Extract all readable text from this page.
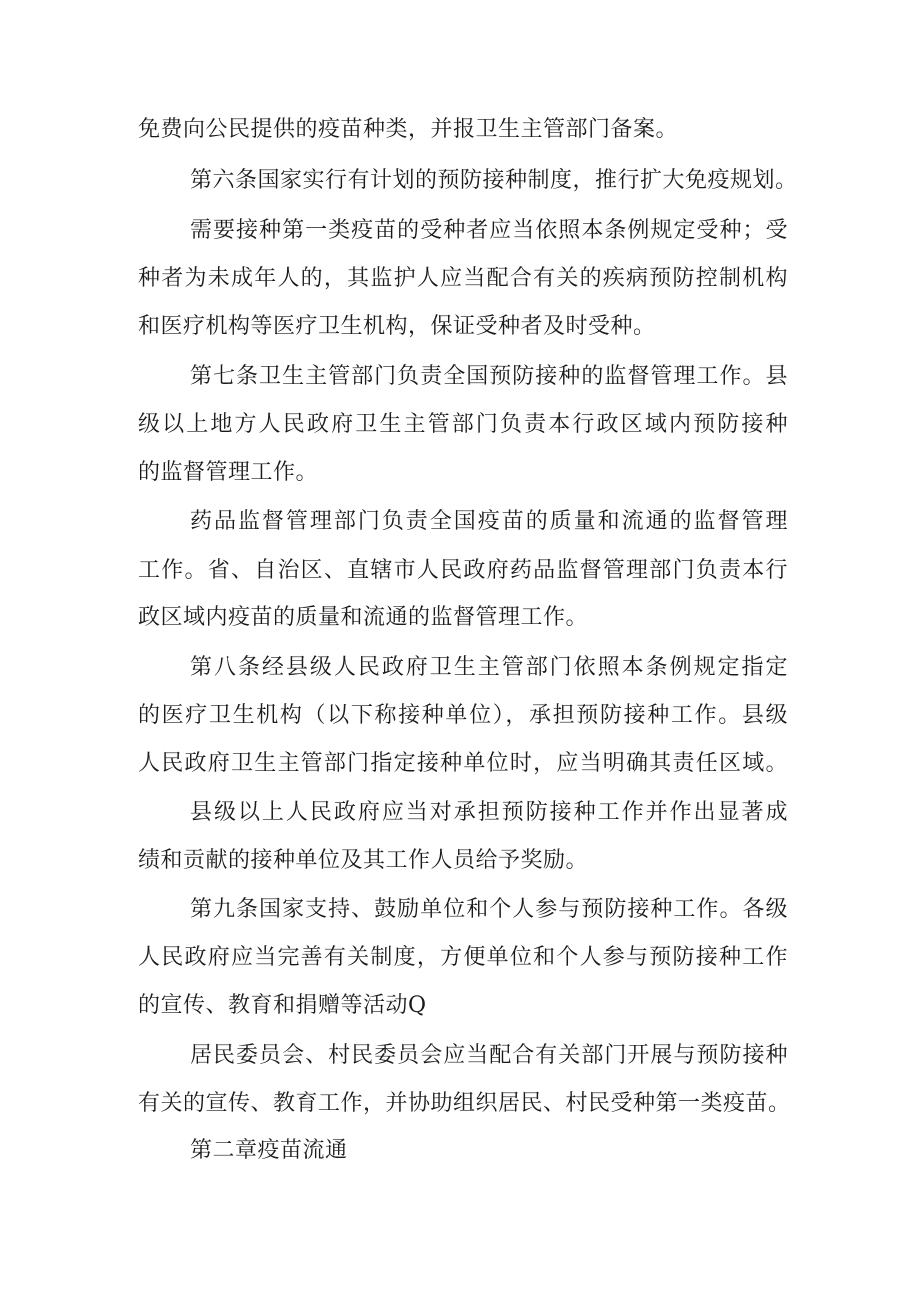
免费向公民提供的疫苗种类，并报卫生主管部门备案。
第六条国家实行有计划的预防接种制度，推行扩大免疫规划。
需要接种第一类疫苗的受种者应当依照本条例规定受种；受
种者为未成年人的，其监护人应当配合有关的疾病预防控制机构
和医疗机构等医疗卫生机构，保证受种者及时受种。
第七条卫生主管部门负责全国预防接种的监督管理工作。县
级以上地方人民政府卫生主管部门负责本行政区域内预防接种
的监督管理工作。
药品监督管理部门负责全国疫苗的质量和流通的监督管理
工作。省、自治区、直辖市人民政府药品监督管理部门负责本行
政区域内疫苗的质量和流通的监督管理工作。
第八条经县级人民政府卫生主管部门依照本条例规定指定
的医疗卫生机构（以下称接种单位），承担预防接种工作。县级
人民政府卫生主管部门指定接种单位时，应当明确其责任区域。
县级以上人民政府应当对承担预防接种工作并作出显著成
绩和贡献的接种单位及其工作人员给予奖励。
第九条国家支持、鼓励单位和个人参与预防接种工作。各级
人民政府应当完善有关制度，方便单位和个人参与预防接种工作
的宣传、教育和捐赠等活动Q
居民委员会、村民委员会应当配合有关部门开展与预防接种
有关的宣传、教育工作，并协助组织居民、村民受种第一类疫苗。
第二章疫苗流通
